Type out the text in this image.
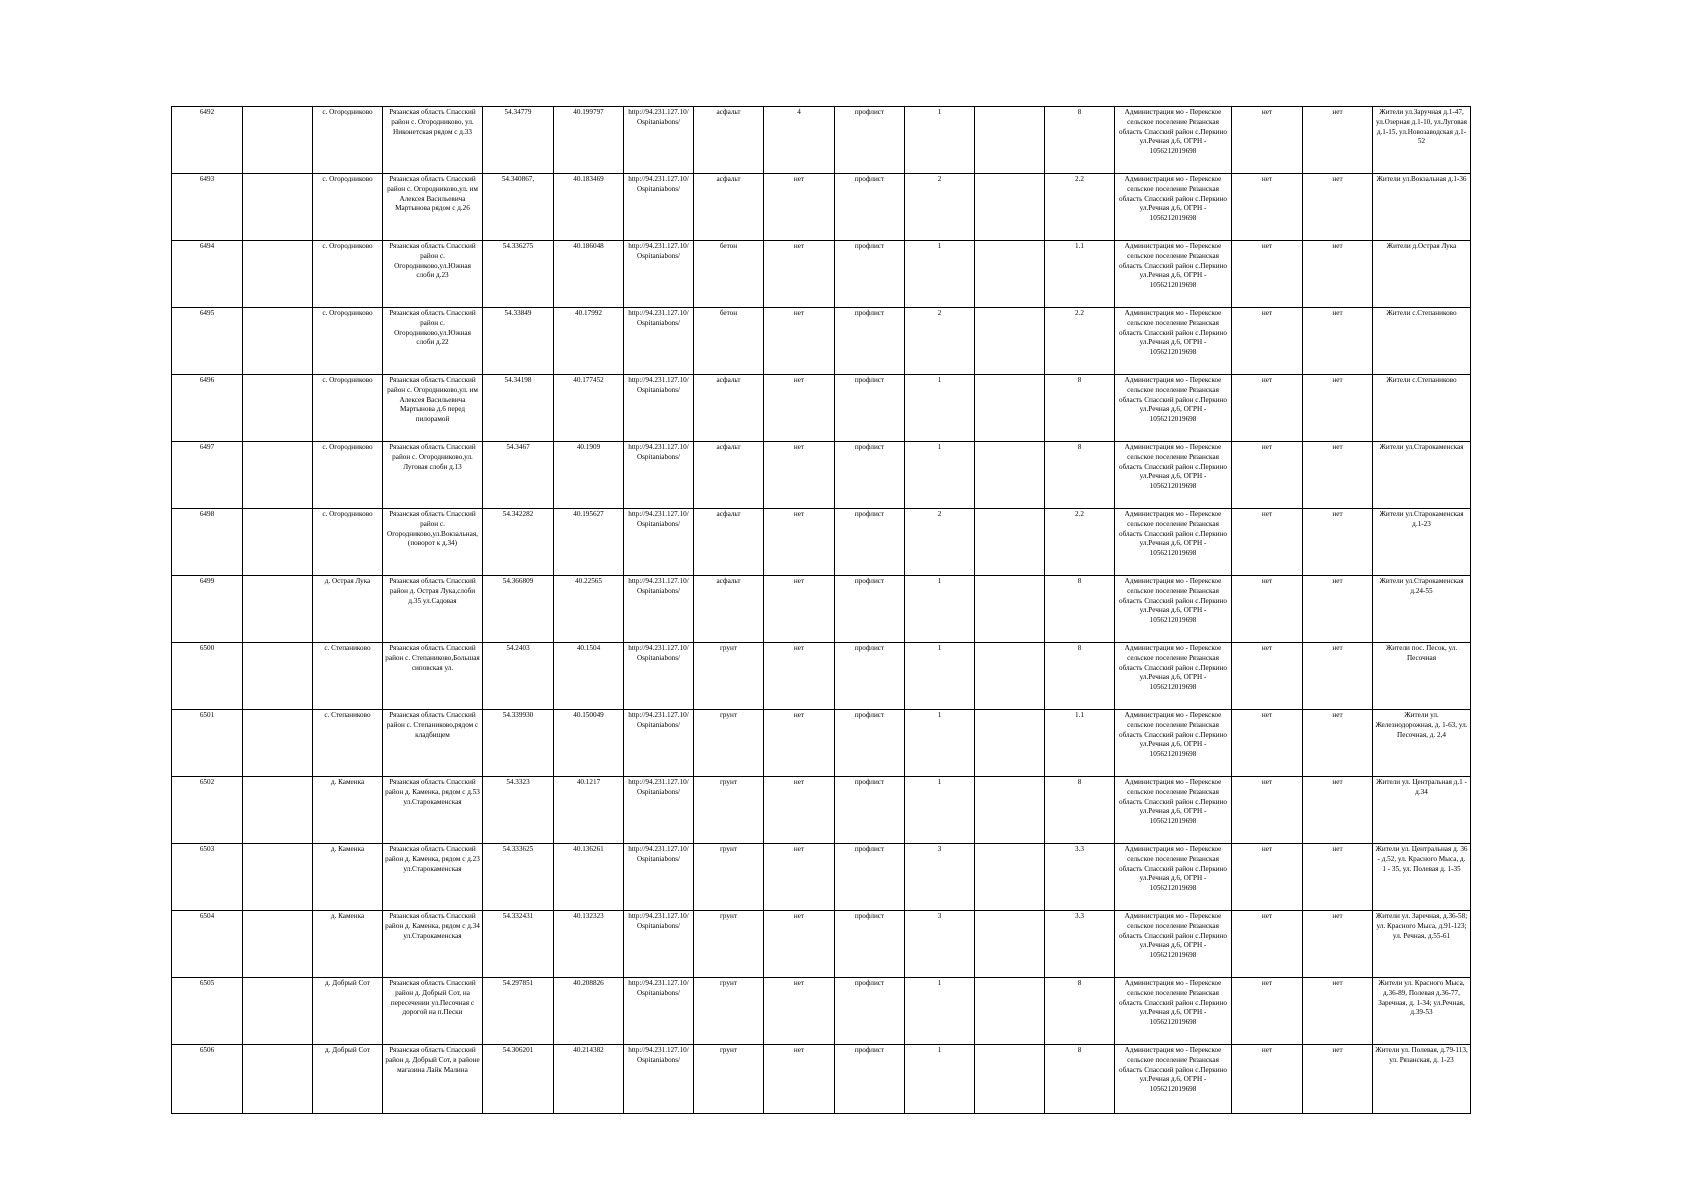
6492		с. Огородниково	Рязанская область Спасский район с. Огородниково, ул. Никонетская рядом с д.33	54.34779	40.199797	http://94.231.127.10/Ospitaniabons/	асфальт	4	профлист	1		8	Администрация мо - Перекское сельское поселение Рязанская область Спасский район с.Перкино ул.Речная д.6, ОГРН - 1056212019698	нет	нет	Жители ул.Заручная д.1-47, ул.Озерная д.1-10, ул.Луговая д.1-15, ул.Новозаводская д.1-52
6493		с. Огородниково	Рязанская область Спасский район с. Огородниково,ул. им Алексея Васильевича Мартынова рядом с д.26	54.340867,	40.183469	http://94.231.127.10/Ospitaniabons/	асфальт	нет	профлист	2		2.2	Администрация мо - Перекское сельское поселение Рязанская область Спасский район с.Перкино ул.Речная д.6, ОГРН - 1056212019698	нет	нет	Жители ул.Вокзальная д.1-36
6494		с. Огородниково	Рязанская область Спасский район с. Огородниково,ул.Южная слоби д.23	54.336275	40.186048	http://94.231.127.10/Ospitaniabons/	бетон	нет	профлист	1		1.1	Администрация мо - Перекское сельское поселение Рязанская область Спасский район с.Перкино ул.Речная д.6, ОГРН - 1056212019698	нет	нет	Жители д.Острая Лука
6495		с. Огородниково	Рязанская область Спасский район с. Огородниково,ул.Южная слоби д.22	54.33849	40.17992	http://94.231.127.10/Ospitaniabons/	бетон	нет	профлист	2		2.2	Администрация мо - Перекское сельское поселение Рязанская область Спасский район с.Перкино ул.Речная д.6, ОГРН - 1056212019698	нет	нет	Жители с.Степаниково
6496		с. Огородниково	Рязанская область Спасский район с. Огородниково,ул. им Алексея Васильевича Мартынова д.6 перед пилорамой	54.34198	40.177452	http://94.231.127.10/Ospitaniabons/	асфальт	нет	профлист	1		8	Администрация мо - Перекское сельское поселение Рязанская область Спасский район с.Перкино ул.Речная д.6, ОГРН - 1056212019698	нет	нет	Жители с.Степаниково
6497		с. Огородниково	Рязанская область Спасский район с. Огородниково,ул. Луговая слоби д.13	54.3467	40.1909	http://94.231.127.10/Ospitaniabons/	асфальт	нет	профлист	1		8	Администрация мо - Перекское сельское поселение Рязанская область Спасский район с.Перкино ул.Речная д.6, ОГРН - 1056212019698	нет	нет	Жители ул.Старокаменская
6498		с. Огородниково	Рязанская область Спасский район с. Огородниково,ул.Вокзальная, (поворот к д.34)	54.342282	40.195627	http://94.231.127.10/Ospitaniabons/	асфальт	нет	профлист	2		2.2	Администрация мо - Перекское сельское поселение Рязанская область Спасский район с.Перкино ул.Речная д.6, ОГРН - 1056212019698	нет	нет	Жители ул.Старокаменская д.1-23
6499		д. Острая Лука	Рязанская область Спасский район д. Острая Лука,слоби д.35 ул.Садовая	54.366809	40.22565	http://94.231.127.10/Ospitaniabons/	асфальт	нет	профлист	1		8	Администрация мо - Перекское сельское поселение Рязанская область Спасский район с.Перкино ул.Речная д.6, ОГРН - 1056212019698	нет	нет	Жители ул.Старокаменская д.24-55
6500		с. Степаниково	Рязанская область Спасский район с. Степаниково,Большая сиповская ул.	54.2403	40.1504	http://94.231.127.10/Ospitaniabons/	грунт	нет	профлист	1		8	Администрация мо - Перекское сельское поселение Рязанская область Спасский район с.Перкино ул.Речная д.6, ОГРН - 1056212019698	нет	нет	Жители пос. Песок, ул. Песочная
6501		с. Степаниково	Рязанская область Спасский район с. Степаниково,рядом с кладбищем	54.339930	40.150049	http://94.231.127.10/Ospitaniabons/	грунт	нет	профлист	1		1.1	Администрация мо - Перекское сельское поселение Рязанская область Спасский район с.Перкино ул.Речная д.6, ОГРН - 1056212019698	нет	нет	Жители ул. Железнодорожная, д. 1-63, ул. Песочная, д. 2,4
6502		д. Каменка	Рязанская область Спасский район д. Каменка, рядом с д.53 ул.Старокаменская	54.3323	40.1217	http://94.231.127.10/Ospitaniabons/	грунт	нет	профлист	1		8	Администрация мо - Перекское сельское поселение Рязанская область Спасский район с.Перкино ул.Речная д.6, ОГРН - 1056212019698	нет	нет	Жители ул. Центральная д.1 - д.34
6503		д. Каменка	Рязанская область Спасский район д. Каменка, рядом с д.23 ул.Старокаменская	54.333625	40.136261	http://94.231.127.10/Ospitaniabons/	грунт	нет	профлист	3		3.3	Администрация мо - Перекское сельское поселение Рязанская область Спасский район с.Перкино ул.Речная д.6, ОГРН - 1056212019698	нет	нет	Жители ул. Центральная д. 36 - д.52, ул. Красного Мыса, д. 1 - 35, ул. Полевая д. 1-35
6504		д. Каменка	Рязанская область Спасский район д. Каменка, рядом с д.34 ул.Старокаменская	54.332431	40.132323	http://94.231.127.10/Ospitaniabons/	грунт	нет	профлист	3		3.3	Администрация мо - Перекское сельское поселение Рязанская область Спасский район с.Перкино ул.Речная д.6, ОГРН - 1056212019698	нет	нет	Жители ул. Заречная, д.36-58; ул. Красного Мыса, д.91-123; ул. Речная, д.55-61
6505		д. Добрый Сот	Рязанская область Спасский район д. Добрый Сот, на пересечении ул.Песочная с дорогой на п.Пески	54.297851	40.208826	http://94.231.127.10/Ospitaniabons/	грунт	нет	профлист	1		8	Администрация мо - Перекское сельское поселение Рязанская область Спасский район с.Перкино ул.Речная д.6, ОГРН - 1056212019698	нет	нет	Жители ул. Красного Мыса, д.36-89, Полевая д.36-77, Заречная, д. 1-34; ул.Речная, д.39-53
6506		д. Добрый Сот	Рязанская область Спасский район д. Добрый Сот, в районе магазина Лайк Малина	54.306201	40.214382	http://94.231.127.10/Ospitaniabons/	грунт	нет	профлист	1		8	Администрация мо - Перекское сельское поселение Рязанская область Спасский район с.Перкино ул.Речная д.6, ОГРН - 1056212019698	нет	нет	Жители ул. Полевая, д.79-113, ул. Рязанская, д. 1-23
